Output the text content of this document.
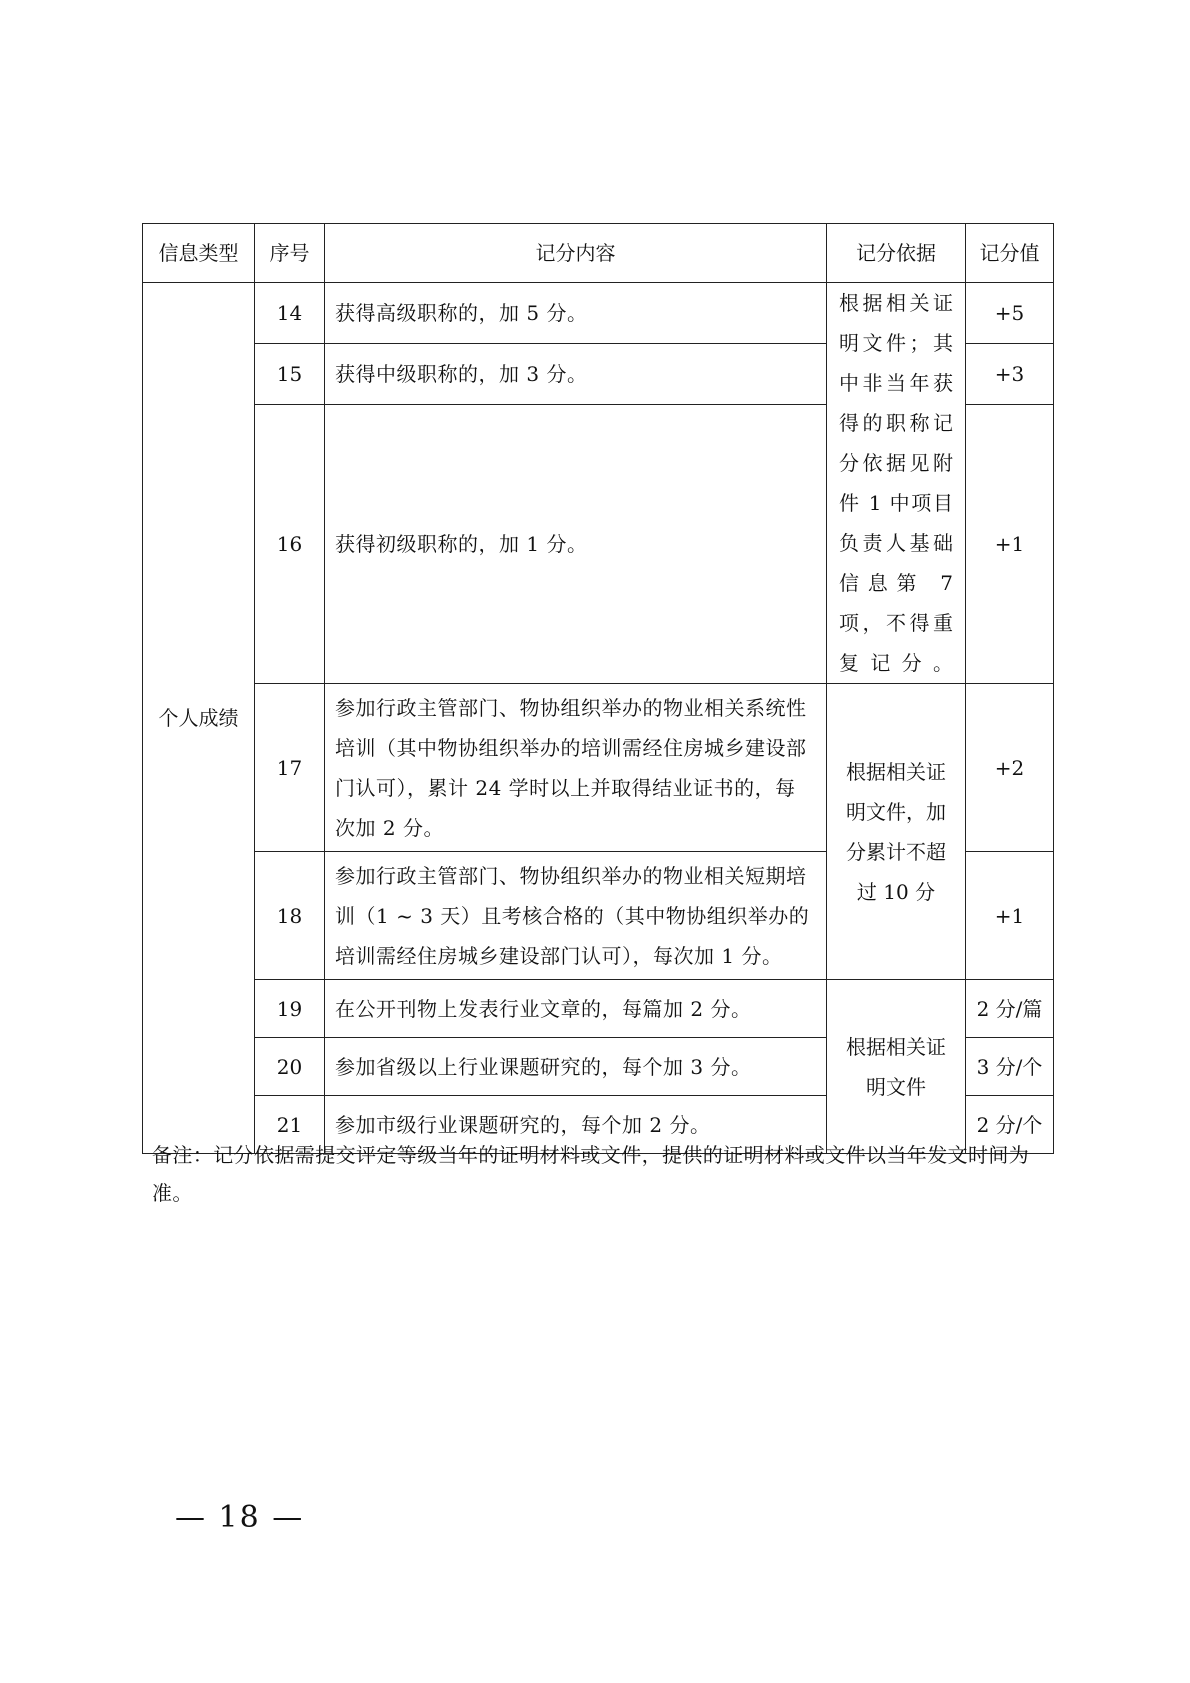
信息类型	序号	记分内容	记分依据	记分值
个人成绩	14	获得高级职称的，加 5 分。	根据相关证明文件；其中非当年获得的职称记分依据见附件 1 中项目负责人基础信息第 7 项，不得重复记分。	+5
	15	获得中级职称的，加 3 分。		+3
	16	获得初级职称的，加 1 分。		+1
	17	参加行政主管部门、物协组织举办的物业相关系统性培训（其中物协组织举办的培训需经住房城乡建设部门认可），累计 24 学时以上并取得结业证书的，每次加 2 分。	根据相关证明文件，加分累计不超过 10 分	+2
	18	参加行政主管部门、物协组织举办的物业相关短期培训（1 ~ 3 天）且考核合格的（其中物协组织举办的培训需经住房城乡建设部门认可），每次加 1 分。		+1
	19	在公开刊物上发表行业文章的，每篇加 2 分。	根据相关证明文件	2 分/篇
	20	参加省级以上行业课题研究的，每个加 3 分。		3 分/个
	21	参加市级行业课题研究的，每个加 2 分。		2 分/个
备注：记分依据需提交评定等级当年的证明材料或文件，提供的证明材料或文件以当年发文时间为准。
— 18 —
